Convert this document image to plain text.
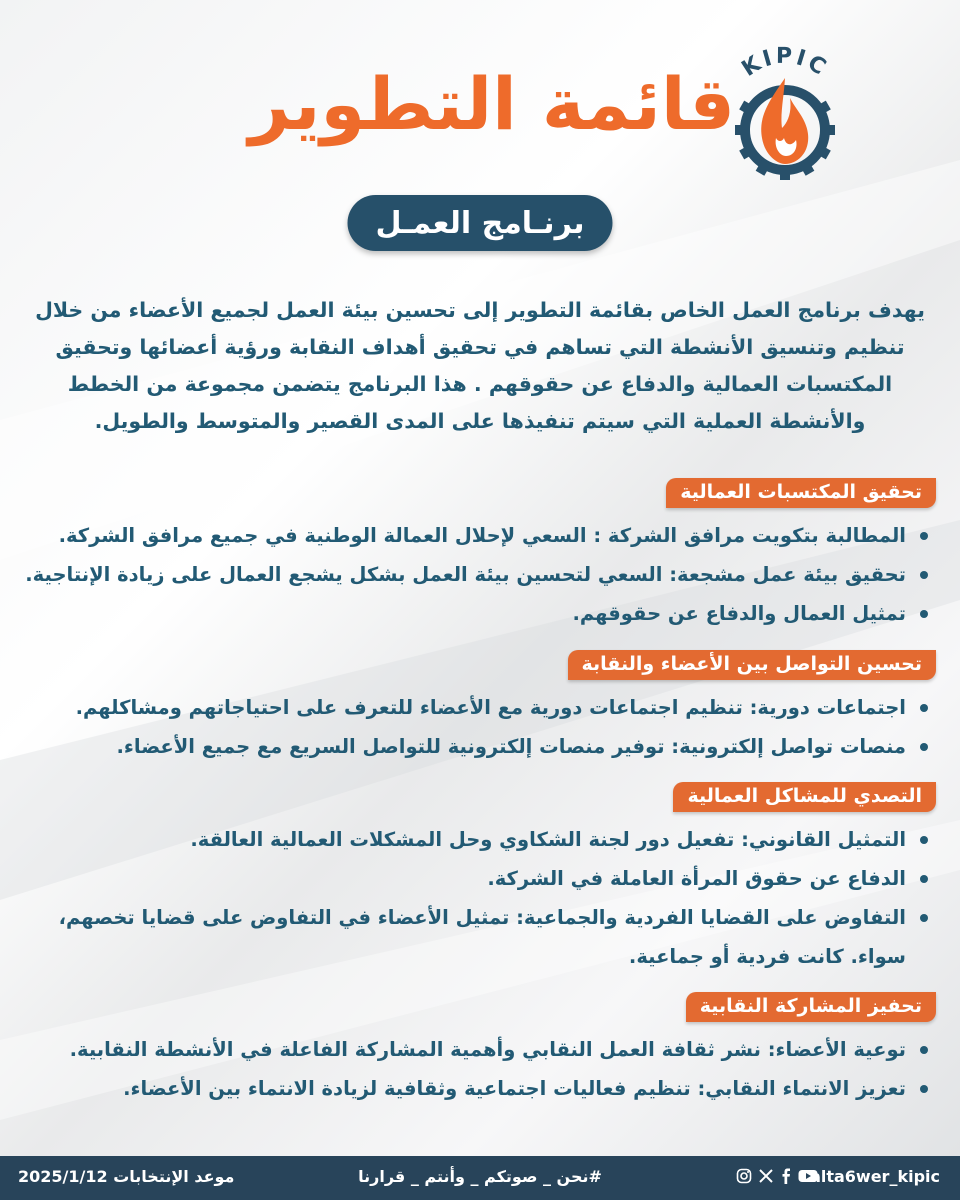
قائمة التطوير KIPIC
برنـامج العمـل

يهدف برنامج العمل الخاص بقائمة التطوير إلى تحسين بيئة العمل لجميع الأعضاء من خلال تنظيم وتنسيق الأنشطة التي تساهم في تحقيق أهداف النقابة ورؤية أعضائها وتحقيق المكتسبات العمالية والدفاع عن حقوقهم . هذا البرنامج يتضمن مجموعة من الخطط والأنشطة العملية التي سيتم تنفيذها على المدى القصير والمتوسط والطويل.

تحقيق المكتسبات العمالية
المطالبة بتكويت مرافق الشركة : السعي لإحلال العمالة الوطنية في جميع مرافق الشركة.
تحقيق بيئة عمل مشجعة: السعي لتحسين بيئة العمل بشكل يشجع العمال على زيادة الإنتاجية.
تمثيل العمال والدفاع عن حقوقهم.
تحسين التواصل بين الأعضاء والنقابة
اجتماعات دورية: تنظيم اجتماعات دورية مع الأعضاء للتعرف على احتياجاتهم ومشاكلهم.
منصات تواصل إلكترونية: توفير منصات إلكترونية للتواصل السريع مع جميع الأعضاء.
التصدي للمشاكل العمالية
التمثيل القانوني: تفعيل دور لجنة الشكاوي وحل المشكلات العمالية العالقة.
الدفاع عن حقوق المرأة العاملة في الشركة.
التفاوض على القضايا الفردية والجماعية: تمثيل الأعضاء في التفاوض على قضايا تخصهم، سواء. كانت فردية أو جماعية.
تحفيز المشاركة النقابية
توعية الأعضاء: نشر ثقافة العمل النقابي وأهمية المشاركة الفاعلة في الأنشطة النقابية.
تعزيز الانتماء النقابي: تنظيم فعاليات اجتماعية وثقافية لزيادة الانتماء بين الأعضاء.
موعد الإنتخابات 2025/1/12	#نحن _ صوتكم _ وأنتم _ قرارنا	alta6wer_kipic
